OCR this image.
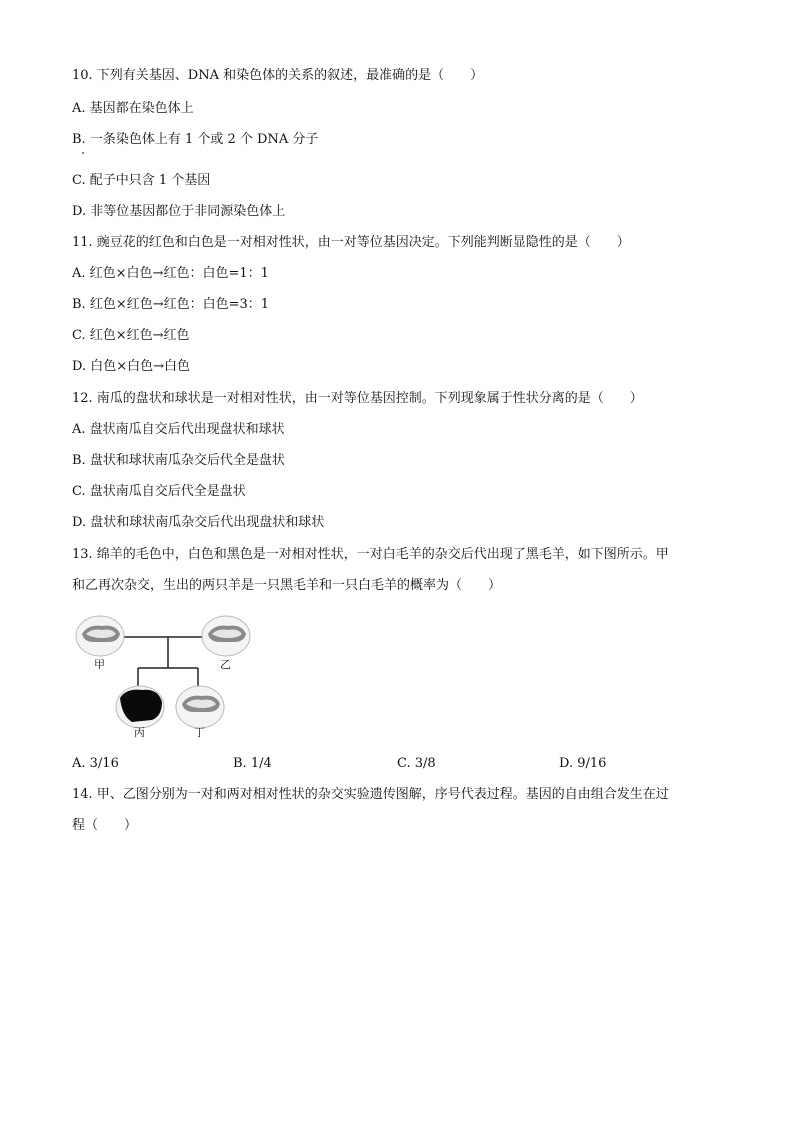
10. 下列有关基因、DNA 和染色体的关系的叙述，最准确的是（　　）
A. 基因都在染色体上
B. 一条染色体上有 1 个或 2 个 DNA 分子
C. 配子中只含 1 个基因
D. 非等位基因都位于非同源染色体上
11. 豌豆花的红色和白色是一对相对性状，由一对等位基因决定。下列能判断显隐性的是（　　）
A. 红色×白色→红色：白色=1：1
B. 红色×红色→红色：白色=3：1
C. 红色×红色→红色
D. 白色×白色→白色
12. 南瓜的盘状和球状是一对相对性状，由一对等位基因控制。下列现象属于性状分离的是（　　）
A. 盘状南瓜自交后代出现盘状和球状
B. 盘状和球状南瓜杂交后代全是盘状
C. 盘状南瓜自交后代全是盘状
D. 盘状和球状南瓜杂交后代出现盘状和球状
13. 绵羊的毛色中，白色和黑色是一对相对性状，一对白毛羊的杂交后代出现了黑毛羊，如下图所示。甲
和乙再次杂交，生出的两只羊是一只黑毛羊和一只白毛羊的概率为（　　）
甲	乙
丙	丁
A. 3/16	B. 1/4	C. 3/8	D. 9/16
14. 甲、乙图分别为一对和两对相对性状的杂交实验遗传图解，序号代表过程。基因的自由组合发生在过
程（　　）
